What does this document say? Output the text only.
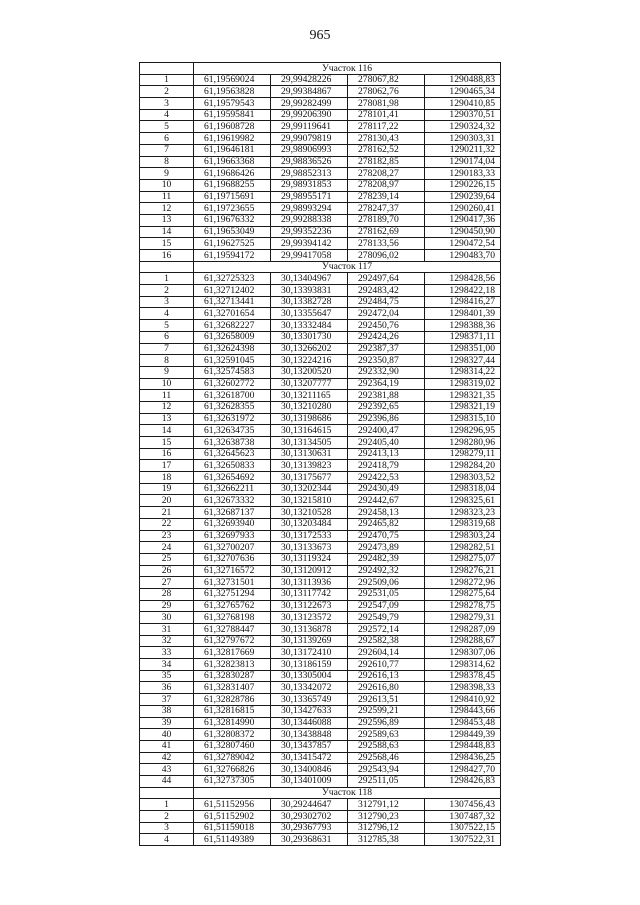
965
	Участок 116			
1	61,19569024	29,99428226	278067,82	1290488,83
2	61,19563828	29,99384867	278062,76	1290465,34
3	61,19579543	29,99282499	278081,98	1290410,85
4	61,19595841	29,99206390	278101,41	1290370,51
5	61,19608728	29,99119641	278117,22	1290324,32
6	61,19619982	29,99079819	278130,43	1290303,31
7	61,19646181	29,98906993	278162,52	1290211,32
8	61,19663368	29,98836526	278182,85	1290174,04
9	61,19686426	29,98852313	278208,27	1290183,33
10	61,19688255	29,98931853	278208,97	1290226,15
11	61,19715691	29,98955171	278239,14	1290239,64
12	61,19723655	29,98993294	278247,37	1290260,41
13	61,19676332	29,99288338	278189,70	1290417,36
14	61,19653049	29,99352236	278162,69	1290450,90
15	61,19627525	29,99394142	278133,56	1290472,54
16	61,19594172	29,99417058	278096,02	1290483,70
	Участок 117			
1	61,32725323	30,13404967	292497,64	1298428,56
2	61,32712402	30,13393831	292483,42	1298422,18
3	61,32713441	30,13382728	292484,75	1298416,27
4	61,32701654	30,13355647	292472,04	1298401,39
5	61,32682227	30,13332484	292450,76	1298388,36
6	61,32658009	30,13301730	292424,26	1298371,11
7	61,32624398	30,13266202	292387,37	1298351,00
8	61,32591045	30,13224216	292350,87	1298327,44
9	61,32574583	30,13200520	292332,90	1298314,22
10	61,32602772	30,13207777	292364,19	1298319,02
11	61,32618700	30,13211165	292381,88	1298321,35
12	61,32628355	30,13210280	292392,65	1298321,19
13	61,32631972	30,13198686	292396,86	1298315,10
14	61,32634735	30,13164615	292400,47	1298296,95
15	61,32638738	30,13134505	292405,40	1298280,96
16	61,32645623	30,13130631	292413,13	1298279,11
17	61,32650833	30,13139823	292418,79	1298284,20
18	61,32654692	30,13175677	292422,53	1298303,52
19	61,32662211	30,13202344	292430,49	1298318,04
20	61,32673332	30,13215810	292442,67	1298325,61
21	61,32687137	30,13210528	292458,13	1298323,23
22	61,32693940	30,13203484	292465,82	1298319,68
23	61,32697933	30,13172533	292470,75	1298303,24
24	61,32700207	30,13133673	292473,89	1298282,51
25	61,32707636	30,13119324	292482,39	1298275,07
26	61,32716572	30,13120912	292492,32	1298276,21
27	61,32731501	30,13113936	292509,06	1298272,96
28	61,32751294	30,13117742	292531,05	1298275,64
29	61,32765762	30,13122673	292547,09	1298278,75
30	61,32768198	30,13123572	292549,79	1298279,31
31	61,32788447	30,13136878	292572,14	1298287,09
32	61,32797672	30,13139269	292582,38	1298288,67
33	61,32817669	30,13172410	292604,14	1298307,06
34	61,32823813	30,13186159	292610,77	1298314,62
35	61,32830287	30,13305004	292616,13	1298378,45
36	61,32831407	30,13342072	292616,80	1298398,33
37	61,32828786	30,13365749	292613,51	1298410,92
38	61,32816815	30,13427633	292599,21	1298443,66
39	61,32814990	30,13446088	292596,89	1298453,48
40	61,32808372	30,13438848	292589,63	1298449,39
41	61,32807460	30,13437857	292588,63	1298448,83
42	61,32789042	30,13415472	292568,46	1298436,25
43	61,32766826	30,13400846	292543,94	1298427,70
44	61,32737305	30,13401009	292511,05	1298426,83
	Участок 118			
1	61,51152956	30,29244647	312791,12	1307456,43
2	61,51152902	30,29302702	312790,23	1307487,32
3	61,51159018	30,29367793	312796,12	1307522,15
4	61,51149389	30,29368631	312785,38	1307522,31
